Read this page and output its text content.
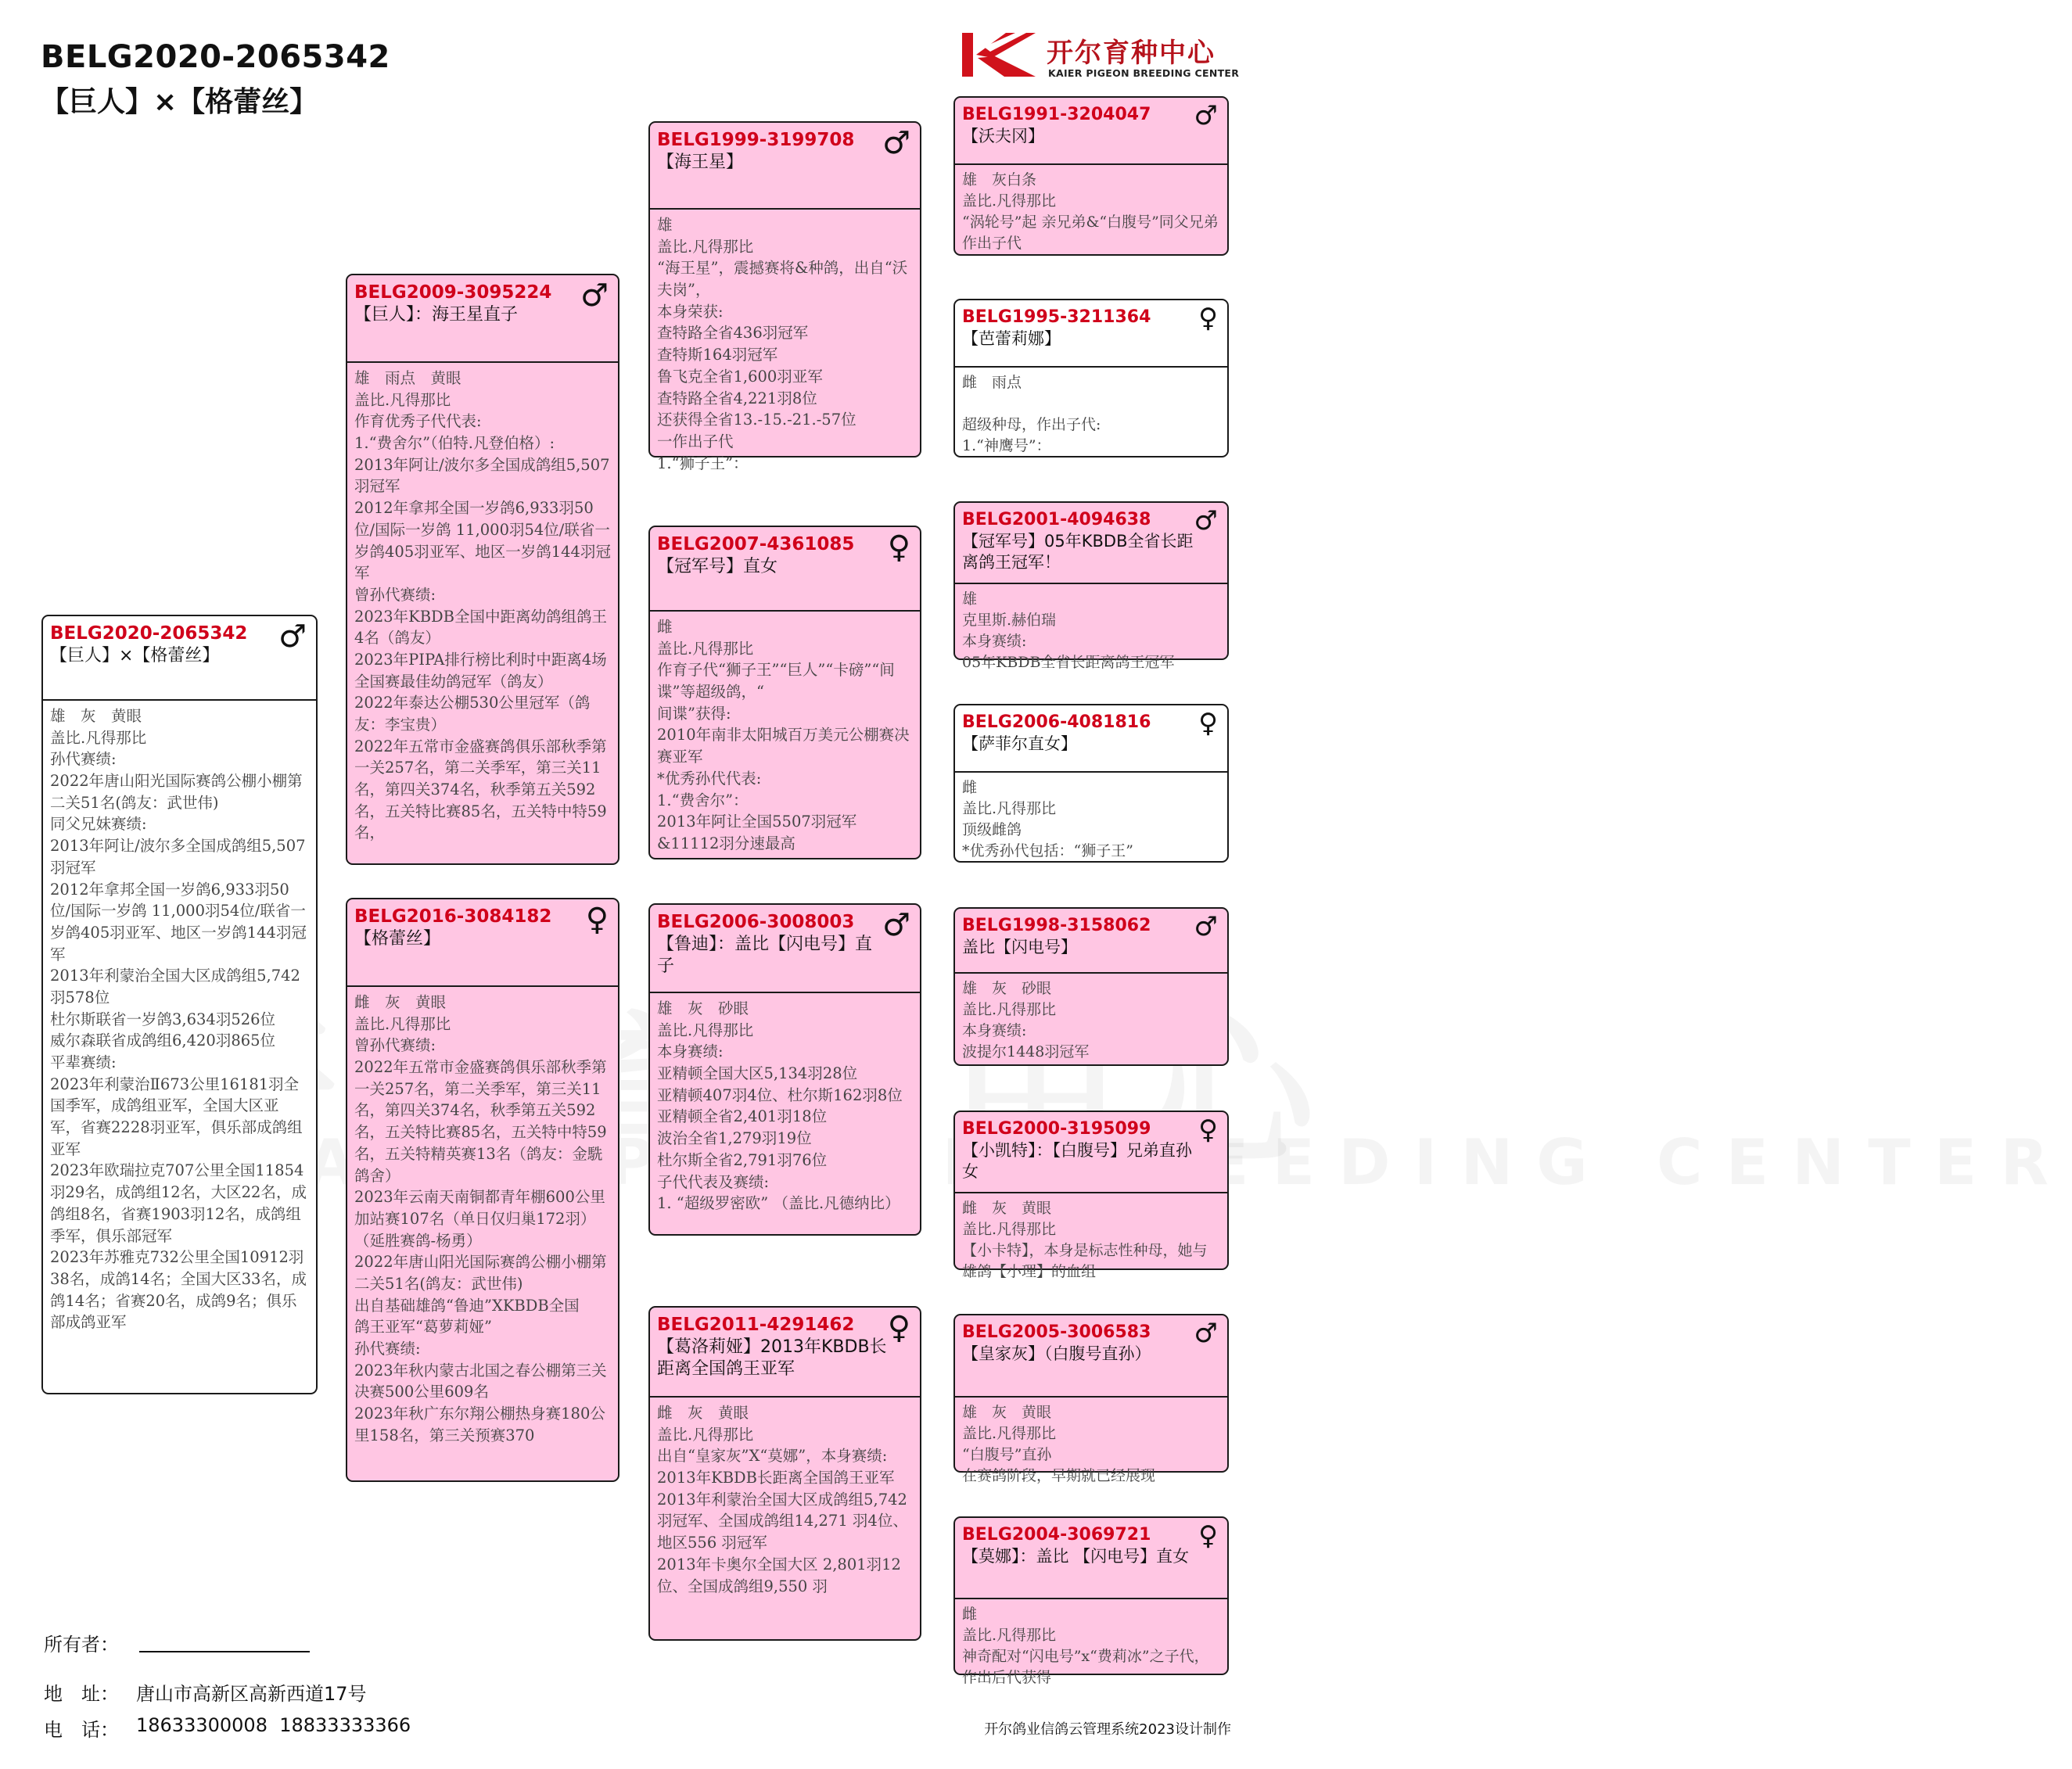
BELG2020-2065342
【巨人】×【格蕾丝】
开尔育种中心
KAIER PIGEON BREEDING CENTER
BELG2020-2065342
【巨人】×【格蕾丝】
♂
雄　灰　黄眼
盖比.凡得那比
孙代赛绩:
2022年唐山阳光国际赛鸽公棚小棚第二关51名(鸽友：武世伟)
同父兄妹赛绩:
2013年阿让/波尔多全国成鸽组5,507羽冠军
2012年拿邦全国一岁鸽6,933羽50位/国际一岁鸽 11,000羽54位/联省一岁鸽405羽亚军、地区一岁鸽144羽冠军
2013年利蒙治全国大区成鸽组5,742羽578位
杜尔斯联省一岁鸽3,634羽526位
威尔森联省成鸽组6,420羽865位
平辈赛绩:
2023年利蒙治Ⅱ673公里16181羽全国季军，成鸽组亚军，全国大区亚军，省赛2228羽亚军，俱乐部成鸽组亚军
2023年欧瑞拉克707公里全国11854羽29名，成鸽组12名，大区22名，成鸽组8名，省赛1903羽12名，成鸽组季军，俱乐部冠军
2023年苏雅克732公里全国10912羽38名，成鸽14名；全国大区33名，成鸽14名；省赛20名，成鸽9名；俱乐部成鸽亚军
BELG2009-3095224
【巨人】：海王星直子
♂
雄　雨点　黄眼
盖比.凡得那比
作育优秀子代代表:
1.“费舍尔”（伯特.凡登伯格）:
2013年阿让/波尔多全国成鸽组5,507羽冠军
2012年拿邦全国一岁鸽6,933羽50位/国际一岁鸽 11,000羽54位/联省一岁鸽405羽亚军、地区一岁鸽144羽冠军
曾孙代赛绩:
2023年KBDB全国中距离幼鸽组鸽王4名（鸽友）
2023年PIPA排行榜比利时中距离4场全国赛最佳幼鸽冠军（鸽友）
2022年泰达公棚530公里冠军（鸽友：李宝贵）
2022年五常市金盛赛鸽俱乐部秋季第一关257名，第二关季军，第三关11名，第四关374名，秋季第五关592名，五关特比赛85名，五关特中特59名，
BELG2016-3084182
【格蕾丝】
♀
雌　灰　黄眼
盖比.凡得那比
曾孙代赛绩:
2022年五常市金盛赛鸽俱乐部秋季第一关257名，第二关季军，第三关11名，第四关374名，秋季第五关592名，五关特比赛85名，五关特中特59名，五关特精英赛13名（鸽友：金駪鸽舍）
2023年云南天南铜都青年棚600公里加站赛107名（单日仅归巢172羽）（延胜赛鸽-杨勇）
2022年唐山阳光国际赛鸽公棚小棚第二关51名(鸽友：武世伟)
出自基础雄鸽“鲁迪”XKBDB全国
鸽王亚军“葛萝莉娅”
孙代赛绩:
2023年秋内蒙古北国之春公棚第三关决赛500公里609名
2023年秋广东尔翔公棚热身赛180公里158名，第三关预赛370
BELG1999-3199708
【海王星】
♂
雄
盖比.凡得那比
“海王星”，震撼赛将&种鸽，出自“沃夫岗”，
本身荣获:
查特路全省436羽冠军
查特斯164羽冠军
鲁飞克全省1,600羽亚军
查特路全省4,221羽8位
还获得全省13.-15.-21.-57位
一作出子代
1.“狮子王”：
BELG2007-4361085
【冠军号】直女
♀
雌
盖比.凡得那比
作育子代“狮子王”“巨人”“卡磅”“间谍”等超级鸽，“
间谍”获得:
2010年南非太阳城百万美元公棚赛决赛亚军
*优秀孙代代表:
1.“费舍尔”：
2013年阿让全国5507羽冠军&11112羽分速最高
BELG2006-3008003
【鲁迪】：盖比【闪电号】直子
♂
雄　灰　砂眼
盖比.凡得那比
本身赛绩:
亚精顿全国大区5,134羽28位
亚精顿407羽4位、杜尔斯162羽8位
亚精顿全省2,401羽18位
波治全省1,279羽19位
杜尔斯全省2,791羽76位
子代代表及赛绩:
1. “超级罗密欧” （盖比.凡德纳比）
BELG2011-4291462
【葛洛莉娅】2013年KBDB长距离全国鸽王亚军
♀
雌　灰　黄眼
盖比.凡得那比
出自“皇家灰”X“莫娜”，本身赛绩:
2013年KBDB长距离全国鸽王亚军
2013年利蒙治全国大区成鸽组5,742 羽冠军、全国成鸽组14,271 羽4位、地区556 羽冠军
2013年卡奥尔全国大区 2,801羽12位、全国成鸽组9,550 羽
BELG1991-3204047
【沃夫冈】
♂
雄　灰白条
盖比.凡得那比
“涡轮号”起 亲兄弟&“白腹号”同父兄弟
作出子代
BELG1995-3211364
【芭蕾莉娜】
♀
雌　雨点

超级种母，作出子代:
1.“神鹰号”：

BELG2001-4094638
【冠军号】05年KBDB全省长距离鸽王冠军！
♂
雄
克里斯.赫伯瑞
本身赛绩:
05年KBDB全省长距离鸽王冠军
BELG2006-4081816
【萨菲尔直女】
♀
雌
盖比.凡得那比
顶级雌鸽
*优秀孙代包括：“狮子王”
BELG1998-3158062
盖比【闪电号】
♂
雄　灰　砂眼
盖比.凡得那比
本身赛绩:
波提尔1448羽冠军
BELG2000-3195099
【小凯特】：【白腹号】兄弟直孙女
♀
雌　灰　黄眼
盖比.凡得那比
【小卡特】，本身是标志性种母，她与雄鸽【小理】的血组
BELG2005-3006583
【皇家灰】（白腹号直孙）
♂
雄　灰　黄眼
盖比.凡得那比
“白腹号”直孙
在赛鸽阶段，早期就已经展现
BELG2004-3069721
【莫娜】：盖比 【闪电号】直女
♀
雌
盖比.凡得那比
神奇配对“闪电号”x“费莉冰”之子代，作出后代获得
所有者：
地　址： 唐山市高新区高新西道17号
电　话： 18633300008  18833333366	开尔鸽业信鸽云管理系统2023设计制作
